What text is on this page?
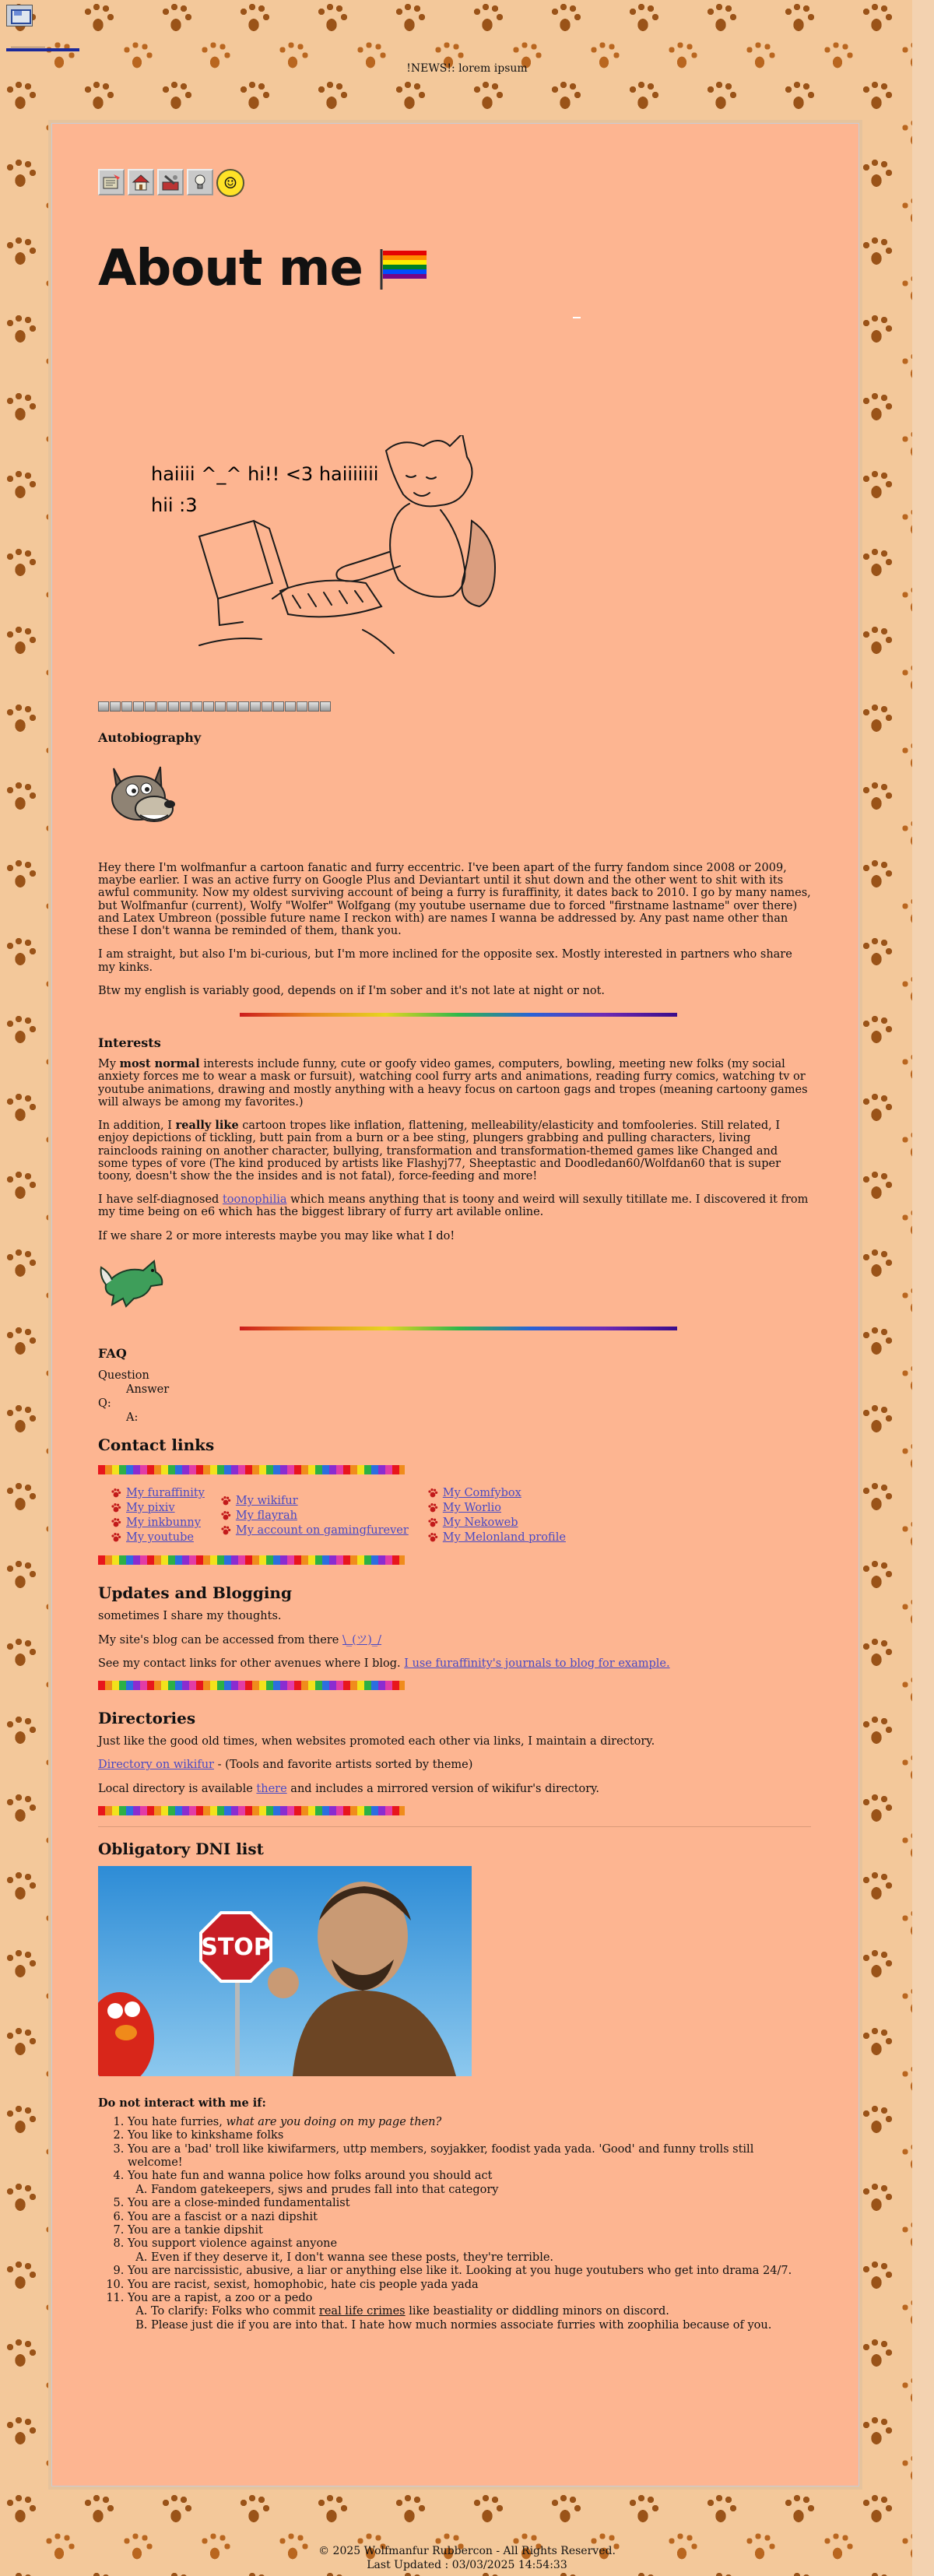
________
!NEWS!: lorem ipsum
☺
About me
haiiii ^_^ hi!! <3 haiiiiiii
hii :3
Autobiography

Hey there I'm wolfmanfur a cartoon fanatic and furry eccentric. I've been apart of the furry fandom since 2008 or 2009, maybe earlier. I was an active furry on Google Plus and Deviantart until it shut down and the other went to shit with its awful community. Now my oldest surviving account of being a furry is furaffinity, it dates back to 2010. I go by many names, but Wolfmanfur (current), Wolfy "Wolfer" Wolfgang (my youtube username due to forced "firstname lastname" over there) and Latex Umbreon (possible future name I reckon with) are names I wanna be addressed by. Any past name other than these I don't wanna be reminded of them, thank you.

I am straight, but also I'm bi-curious, but I'm more inclined for the opposite sex. Mostly interested in partners who share my kinks.

Btw my english is variably good, depends on if I'm sober and it's not late at night or not.

Interests

My most normal interests include funny, cute or goofy video games, computers, bowling, meeting new folks (my social anxiety forces me to wear a mask or fursuit), watching cool furry arts and animations, reading furry comics, watching tv or youtube animations, drawing and mostly anything with a heavy focus on cartoon gags and tropes (meaning cartoony games will always be among my favorites.)

In addition, I really like cartoon tropes like inflation, flattening, melleability/elasticity and tomfooleries. Still related, I enjoy depictions of tickling, butt pain from a burn or a bee sting, plungers grabbing and pulling characters, living raincloods raining on another character, bullying, transformation and transformation-themed games like Changed and some types of vore (The kind produced by artists like Flashyj77, Sheeptastic and Doodledan60/Wolfdan60 that is super toony, doesn't show the the insides and is not fatal), force-feeding and more!

I have self-diagnosed toonophilia which means anything that is toony and weird will sexully titillate me. I discovered it from my time being on e6 which has the biggest library of furry art avilable online.

If we share 2 or more interests maybe you may like what I do!

FAQ
Question
Answer
Q:
A:
Contact links
My furaffinity
My pixiv
My inkbunny
My youtube
My wikifur
My flayrah
My account on gamingfurever
My Comfybox
My Worlio
My Nekoweb
My Melonland profile
Updates and Blogging

sometimes I share my thoughts.

My site's blog can be accessed from there \_(ツ)_/

See my contact links for other avenues where I blog. I use furaffinity's journals to blog for example.

Directories

Just like the good old times, when websites promoted each other via links, I maintain a directory.

Directory on wikifur - (Tools and favorite artists sorted by theme)

Local directory is available there and includes a mirrored version of wikifur's directory.

Obligatory DNI list
STOP
Do not interact with me if:
1. You hate furries, what are you doing on my page then?
2. You like to kinkshame folks
3. You are a 'bad' troll like kiwifarmers, uttp members, soyjakker, foodist yada yada. 'Good' and funny trolls still welcome!
4. You hate fun and wanna police how folks around you should act
A. Fandom gatekeepers, sjws and prudes fall into that category
5. You are a close-minded fundamentalist
6. You are a fascist or a nazi dipshit
7. You are a tankie dipshit
8. You support violence against anyone
A. Even if they deserve it, I don't wanna see these posts, they're terrible.
9. You are narcissistic, abusive, a liar or anything else like it. Looking at you huge youtubers who get into drama 24/7.
10. You are racist, sexist, homophobic, hate cis people yada yada
11. You are a rapist, a zoo or a pedo
A. To clarify: Folks who commit real life crimes like beastiality or diddling minors on discord.
B. Please just die if you are into that. I hate how much normies associate furries with zoophilia because of you.
© 2025 Wolfmanfur Rubbercon - All Rights Reserved.
Last Updated : 03/03/2025 14:54:33
